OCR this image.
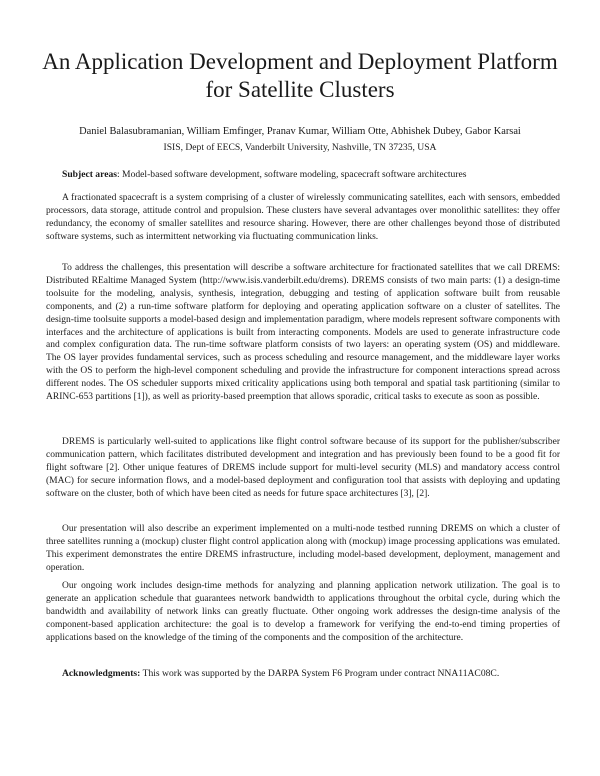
An Application Development and Deployment Platform for Satellite Clusters
Daniel Balasubramanian, William Emfinger, Pranav Kumar, William Otte, Abhishek Dubey, Gabor Karsai
ISIS, Dept of EECS, Vanderbilt University, Nashville, TN 37235, USA
Subject areas: Model-based software development, software modeling, spacecraft software architectures

A fractionated spacecraft is a system comprising of a cluster of wirelessly communicating satellites, each with sensors, embedded processors, data storage, attitude control and propulsion. These clusters have several advantages over monolithic satellites: they offer redundancy, the economy of smaller satellites and resource sharing. However, there are other challenges beyond those of distributed software systems, such as intermittent networking via fluctuating communication links.

To address the challenges, this presentation will describe a software architecture for fractionated satellites that we call DREMS: Distributed REaltime Managed System (http://www.isis.vanderbilt.edu/drems). DREMS consists of two main parts: (1) a design-time toolsuite for the modeling, analysis, synthesis, integration, debugging and testing of application software built from reusable components, and (2) a run-time software platform for deploying and operating application software on a cluster of satellites. The design-time toolsuite supports a model-based design and implementation paradigm, where models represent software components with interfaces and the architecture of applications is built from interacting components. Models are used to generate infrastructure code and complex configuration data. The run-time software platform consists of two layers: an operating system (OS) and middleware. The OS layer provides fundamental services, such as process scheduling and resource management, and the middleware layer works with the OS to perform the high-level component scheduling and provide the infrastructure for component interactions spread across different nodes. The OS scheduler supports mixed criticality applications using both temporal and spatial task partitioning (similar to ARINC-653 partitions [1]), as well as priority-based preemption that allows sporadic, critical tasks to execute as soon as possible.

DREMS is particularly well-suited to applications like flight control software because of its support for the publisher/subscriber communication pattern, which facilitates distributed development and integration and has previously been found to be a good fit for flight software [2]. Other unique features of DREMS include support for multi-level security (MLS) and mandatory access control (MAC) for secure information flows, and a model-based deployment and configuration tool that assists with deploying and updating software on the cluster, both of which have been cited as needs for future space architectures [3], [2].

Our presentation will also describe an experiment implemented on a multi-node testbed running DREMS on which a cluster of three satellites running a (mockup) cluster flight control application along with (mockup) image processing applications was emulated. This experiment demonstrates the entire DREMS infrastructure, including model-based development, deployment, management and operation.

Our ongoing work includes design-time methods for analyzing and planning application network utilization. The goal is to generate an application schedule that guarantees network bandwidth to applications throughout the orbital cycle, during which the bandwidth and availability of network links can greatly fluctuate. Other ongoing work addresses the design-time analysis of the component-based application architecture: the goal is to develop a framework for verifying the end-to-end timing properties of applications based on the knowledge of the timing of the components and the composition of the architecture.

Acknowledgments: This work was supported by the DARPA System F6 Program under contract NNA11AC08C.
